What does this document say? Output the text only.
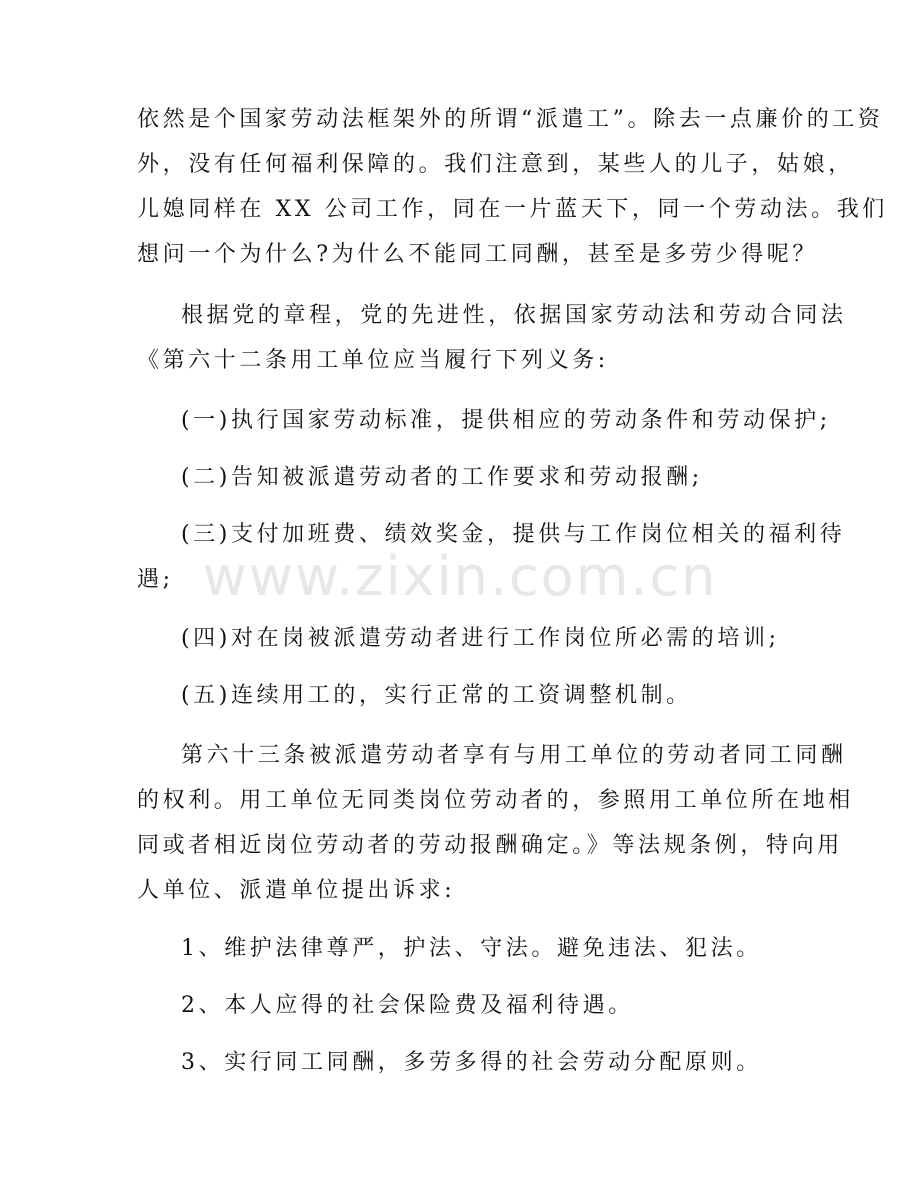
依然是个国家劳动法框架外的所谓“派遣工”。除去一点廉价的工资
外，没有任何福利保障的。我们注意到，某些人的儿子，姑娘，
儿媳同样在 XX 公司工作，同在一片蓝天下，同一个劳动法。我们
想问一个为什么?为什么不能同工同酬，甚至是多劳少得呢？
根据党的章程，党的先进性，依据国家劳动法和劳动合同法
《第六十二条用工单位应当履行下列义务:
(一)执行国家劳动标准，提供相应的劳动条件和劳动保护;
(二)告知被派遣劳动者的工作要求和劳动报酬;
(三)支付加班费、绩效奖金，提供与工作岗位相关的福利待
遇;
(四)对在岗被派遣劳动者进行工作岗位所必需的培训;
(五)连续用工的，实行正常的工资调整机制。
第六十三条被派遣劳动者享有与用工单位的劳动者同工同酬
的权利。用工单位无同类岗位劳动者的，参照用工单位所在地相
同或者相近岗位劳动者的劳动报酬确定。》等法规条例，特向用
人单位、派遣单位提出诉求:
1、维护法律尊严，护法、守法。避免违法、犯法。
2、本人应得的社会保险费及福利待遇。
3、实行同工同酬，多劳多得的社会劳动分配原则。
www.zixin.com.cn
